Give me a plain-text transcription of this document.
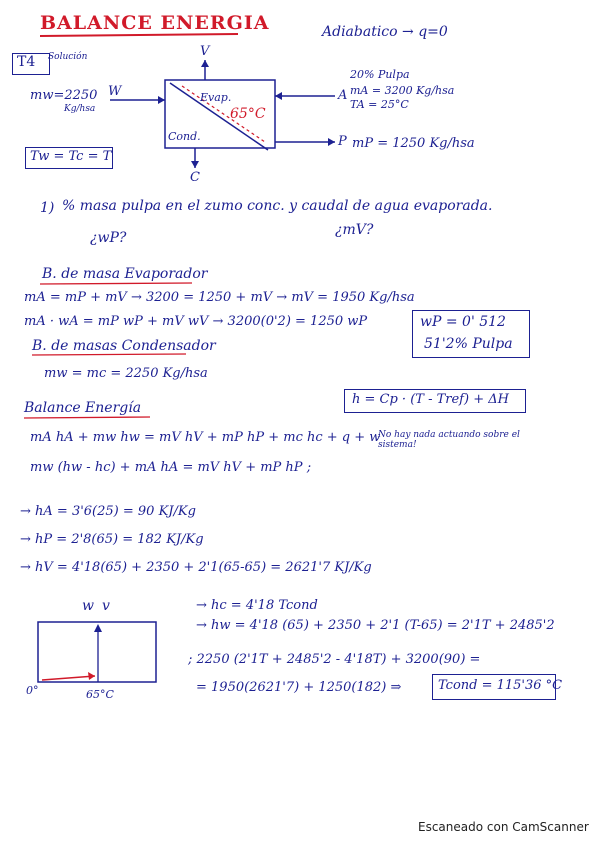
BALANCE ENERGIA	Adiabatico → q=0
T4 Solución
mw=2250
Kg/hsa
W
V
C
A
P
Evap.
65°C
Cond.
20% Pulpa
mA = 3200 Kg/hsa
TA = 25°C
mP = 1250 Kg/hsa
Tw = Tc = T
1) % masa pulpa en el zumo conc. y caudal de agua evaporada.
¿wP?	¿mV?
B. de masa Evaporador
mA = mP + mV → 3200 = 1250 + mV → mV = 1950 Kg/hsa
mA · wA = mP wP + mV wV → 3200(0'2) = 1250 wP	wP = 0' 512
51'2% Pulpa
B. de masas Condensador
mw = mc = 2250 Kg/hsa
h = Cp · (T - Tref) + ΔH
Balance Energía
mA hA + mw hw = mV hV + mP hP + mc hc + q + w
No hay nada actuando sobre el sistema!
mw (hw - hc) + mA hA = mV hV + mP hP ;
→ hA = 3'6(25) = 90 KJ/Kg
→ hP = 2'8(65) = 182 KJ/Kg
→ hV = 4'18(65) + 2350 + 2'1(65-65) = 2621'7 KJ/Kg
w v
0°	65°C
→ hc = 4'18 Tcond
→ hw = 4'18 (65) + 2350 + 2'1 (T-65) = 2'1T + 2485'2
; 2250 (2'1T + 2485'2 - 4'18T) + 3200(90) =
= 1950(2621'7) + 1250(182) ⇒	Tcond = 115'36 °C
Escaneado con CamScanner
